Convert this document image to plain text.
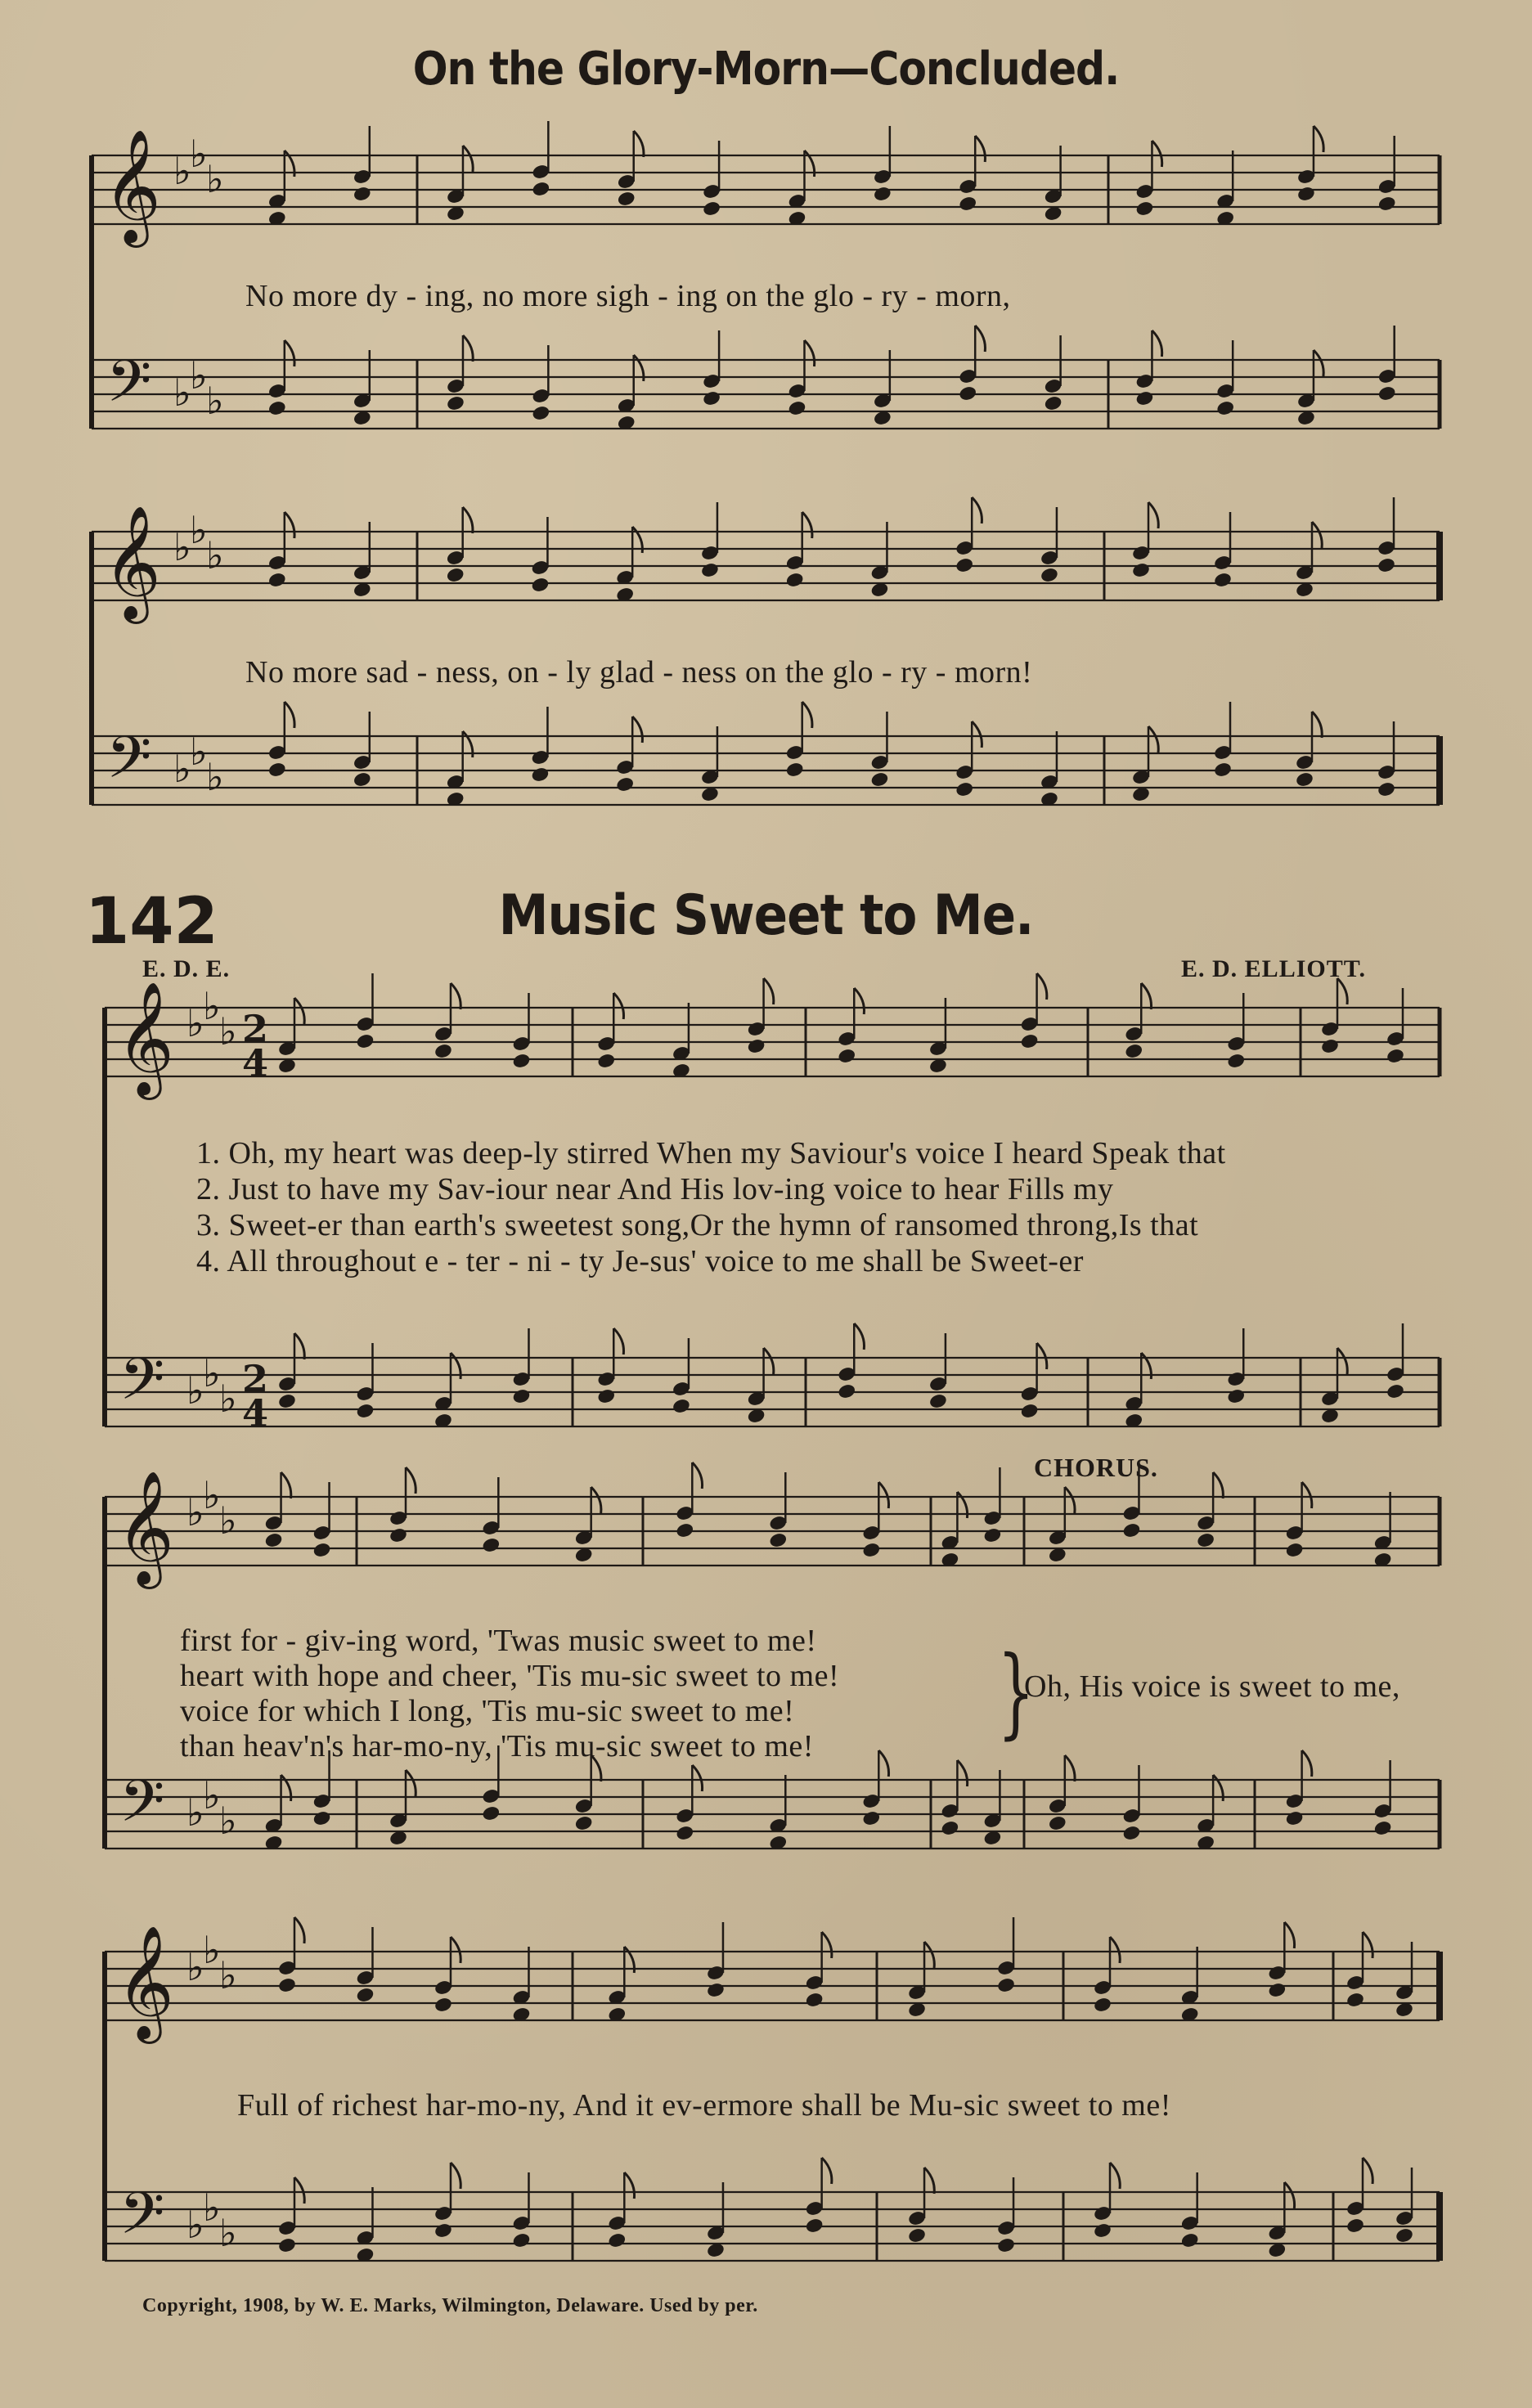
𝄞
𝄢
♭
♭
♭
♭
♭
♭
𝄞
𝄢
♭
♭
♭
♭
♭
♭
𝄞
𝄢
♭
♭
♭
♭
♭
♭
2
4
2
4
𝄞
𝄢
♭
♭
♭
♭
♭
♭
𝄞
𝄢
♭
♭
♭
♭
♭
♭
On the Glory-Morn—Concluded.
No more dy - ing, no more sigh - ing on the glo - ry - morn,
No more sad - ness, on - ly glad - ness on the glo - ry - morn!
142	Music Sweet to Me.
E. D. E.	E. D. ELLIOTT.
1. Oh, my heart was deep-ly stirred When my Saviour's voice I heard Speak that
2. Just to have my Sav-iour near And His lov-ing voice to hear Fills my
3. Sweet-er than earth's sweetest song,Or the hymn of ransomed throng,Is that
4. All throughout e - ter - ni - ty Je-sus' voice to me shall be Sweet-er
CHORUS.
first for - giv-ing word, 'Twas music sweet to me!
heart with hope and cheer, 'Tis mu-sic sweet to me!
voice for which I long, 'Tis mu-sic sweet to me!
than heav'n's har-mo-ny, 'Tis mu-sic sweet to me! }
Oh, His voice is sweet to me,
Full of richest har-mo-ny, And it ev-ermore shall be Mu-sic sweet to me!
Copyright, 1908, by W. E. Marks, Wilmington, Delaware. Used by per.
